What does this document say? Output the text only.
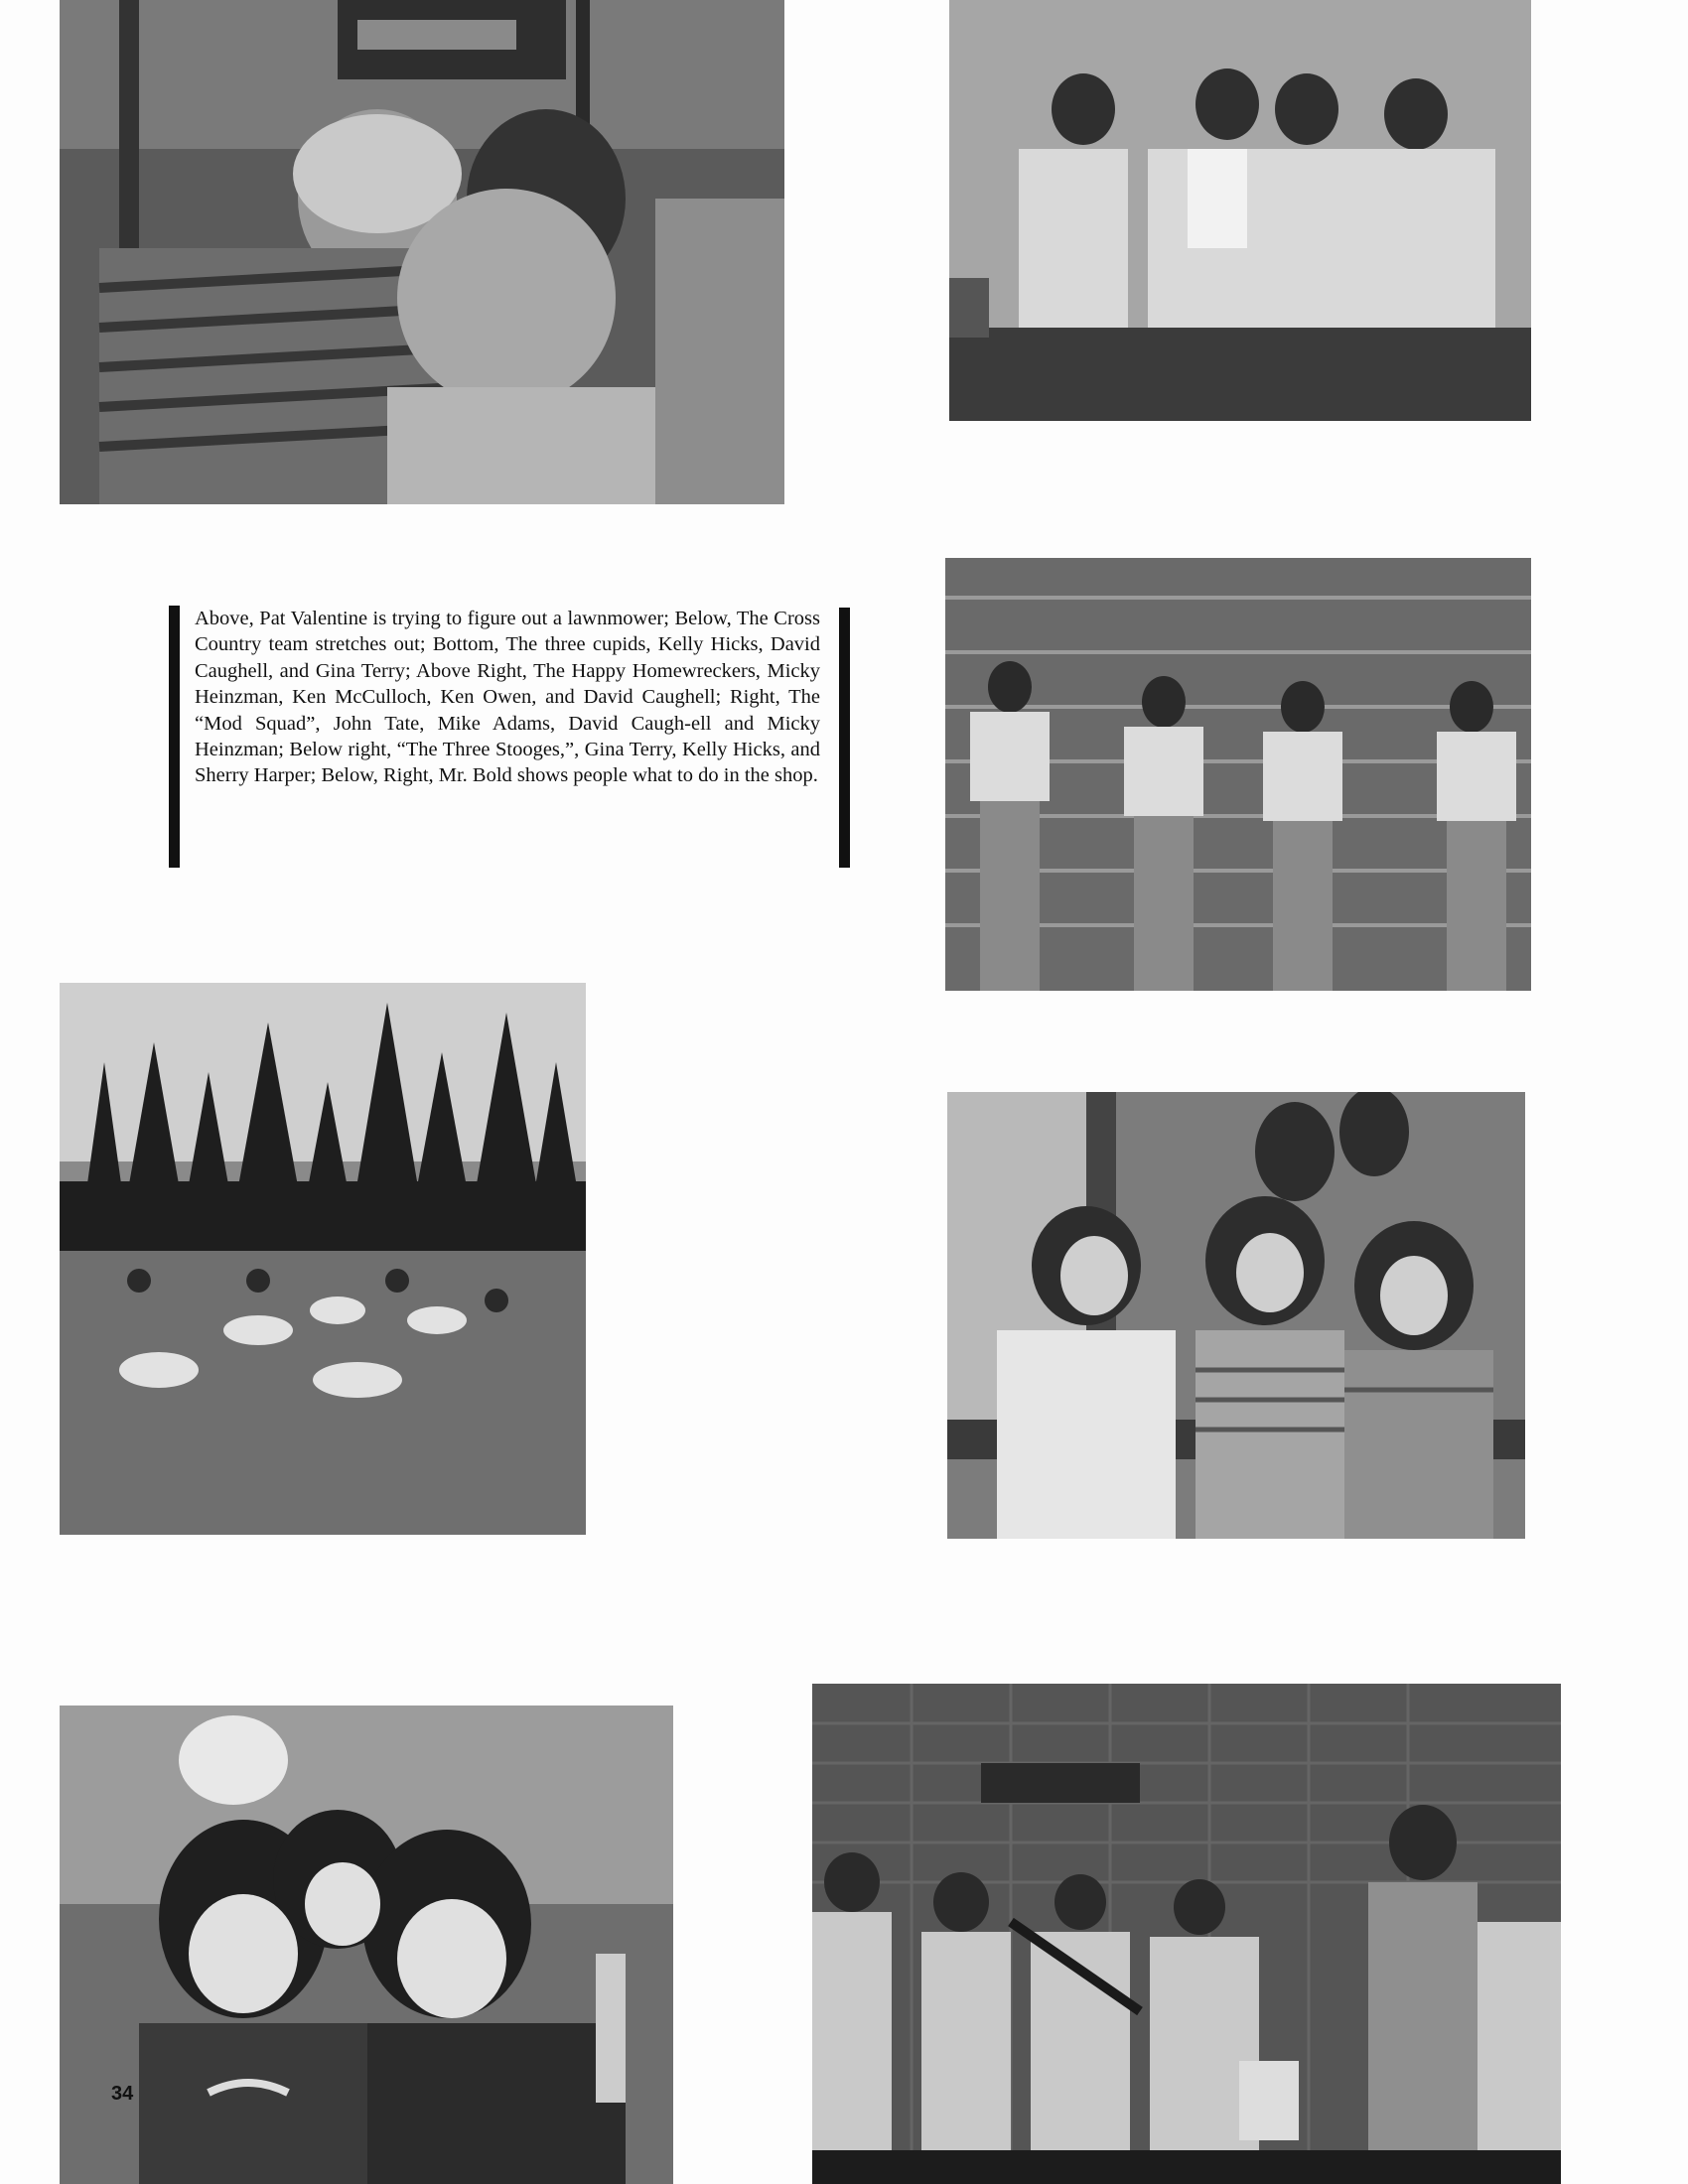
Above, Pat Valentine is trying to figure out a lawnmower; Below, The Cross Country team stretches out; Bottom, The three cupids, Kelly Hicks, David Caughell, and Gina Terry; Above Right, The Happy Homewreckers, Micky Heinzman, Ken McCulloch, Ken Owen, and David Caughell; Right, The “Mod Squad”, John Tate, Mike Adams, David Caugh-ell and Micky Heinzman; Below right, “The Three Stooges,”, Gina Terry, Kelly Hicks, and Sherry Harper; Below, Right, Mr. Bold shows people what to do in the shop.
34
